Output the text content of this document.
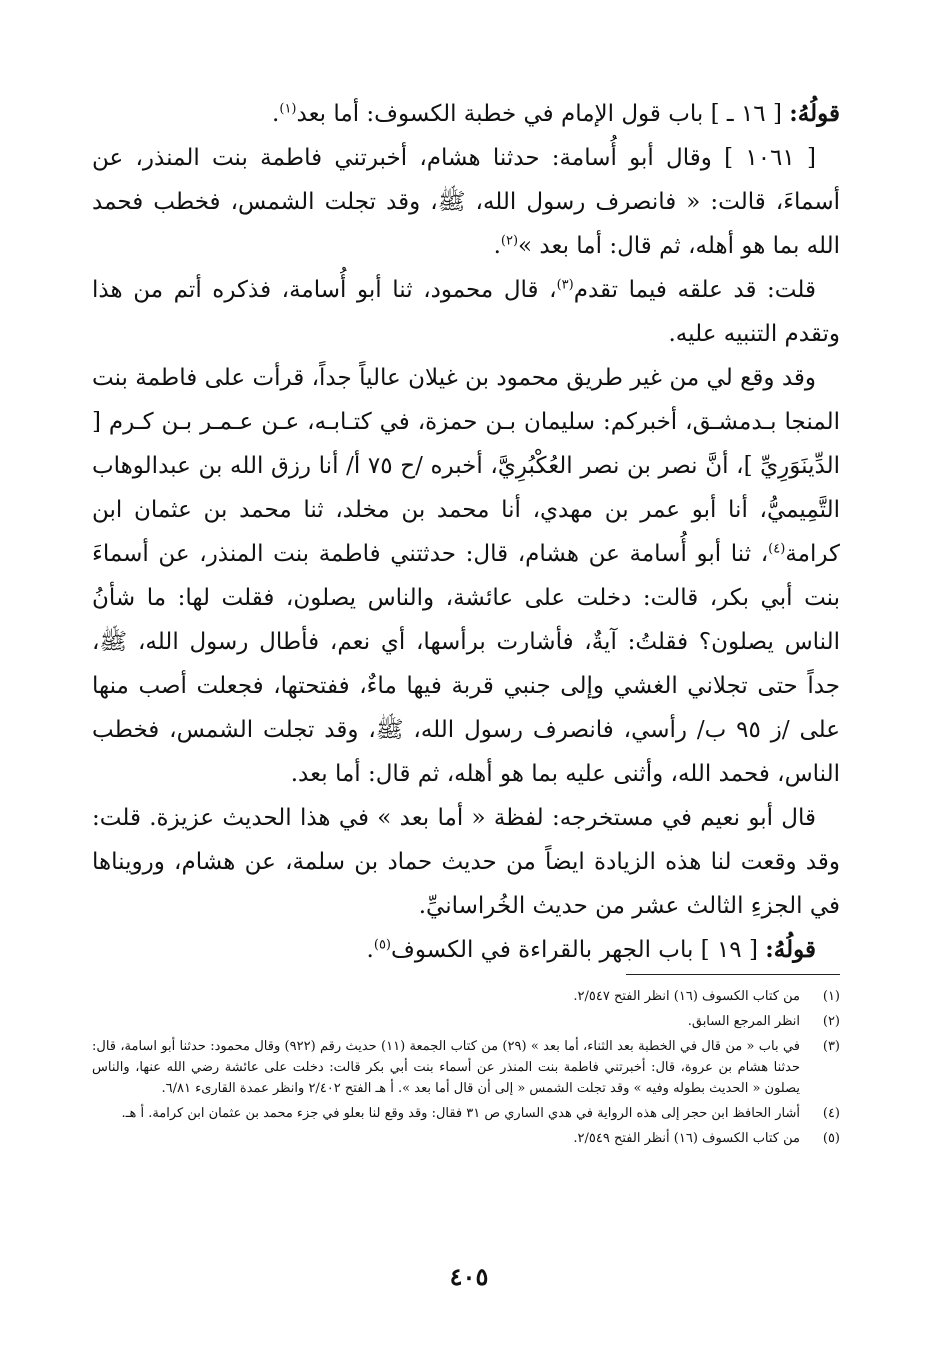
قولُهُ: [ ١٦ ـ ] باب قول الإمام في خطبة الكسوف: أما بعد$^{(١)}$.

[ ١٠٦١ ] وقال أبو أُسامة: حدثنا هشام، أخبرتني فاطمة بنت المنذر، عن أسماءَ، قالت: « فانصرف رسول الله، ﷺ، وقد تجلت الشمس، فخطب فحمد الله بما هو أهله، ثم قال: أما بعد »$^{(٢)}$.

قلت: قد علقه فيما تقدم$^{(٣)}$، قال محمود، ثنا أبو أُسامة، فذكره أتم من هذا وتقدم التنبيه عليه.

وقد وقع لي من غير طريق محمود بن غيلان عالياً جداً، قرأت على فاطمة بنت المنجا بـدمشـق، أخبركم: سليمان بـن حمزة، في كتـابـه، عـن عـمـر بـن كـرم [ الدِّينَوَرِيِّ ]، أنَّ نصر بن نصر العُكْبُرِيَّ، أخبره /ح ٧٥ أ/ أنا رزق الله بن عبدالوهاب التَّمِيميُّ، أنا أبو عمر بن مهدي، أنا محمد بن مخلد، ثنا محمد بن عثمان ابن كرامة$^{(٤)}$، ثنا أبو أُسامة عن هشام، قال: حدثتني فاطمة بنت المنذر، عن أسماءَ بنت أبي بكر، قالت: دخلت على عائشة، والناس يصلون، فقلت لها: ما شأنُ الناس يصلون؟ فقلتُ: آيةٌ، فأشارت برأسها، أي نعم، فأطال رسول الله، ﷺ، جداً حتى تجلاني الغشي وإلى جنبي قربة فيها ماءٌ، ففتحتها، فجعلت أصب منها على /ز ٩٥ ب/ رأسي، فانصرف رسول الله، ﷺ، وقد تجلت الشمس، فخطب الناس، فحمد الله، وأثنى عليه بما هو أهله، ثم قال: أما بعد.

قال أبو نعيم في مستخرجه: لفظة « أما بعد » في هذا الحديث عزيزة. قلت: وقد وقعت لنا هذه الزيادة ايضاً من حديث حماد بن سلمة، عن هشام، ورويناها في الجزءِ الثالث عشر من حديث الخُراسانيِّ.

قولُهُ: [ ١٩ ] باب الجهر بالقراءة في الكسوف$^{(٥)}$.

(١)
من كتاب الكسوف (١٦) انظر الفتح ٢/٥٤٧.
(٢)
انظر المرجع السابق.
(٣)
في باب « من قال في الخطبة بعد الثناء، أما بعد » (٢٩) من كتاب الجمعة (١١) حديث رقم (٩٢٢) وقال محمود: حدثنا أبو اسامة، قال: حدثنا هشام بن عروة، قال: أخبرتني فاطمة بنت المنذر عن أسماء بنت أبي بكر قالت: دخلت على عائشة رضي الله عنها، والناس يصلون « الحديث بطوله وفيه » وقد تجلت الشمس « إلى أن قال أما بعد ». أ هـ الفتح ٢/٤٠٢ وانظر عمدة القارىء ٦/٨١.
(٤)
أشار الحافظ ابن حجر إلى هذه الرواية في هدي الساري ص ٣١ فقال: وقد وقع لنا بعلو في جزء محمد بن عثمان ابن كرامة. أ هـ.
(٥)
من كتاب الكسوف (١٦) أنظر الفتح ٢/٥٤٩.
٤٠٥
